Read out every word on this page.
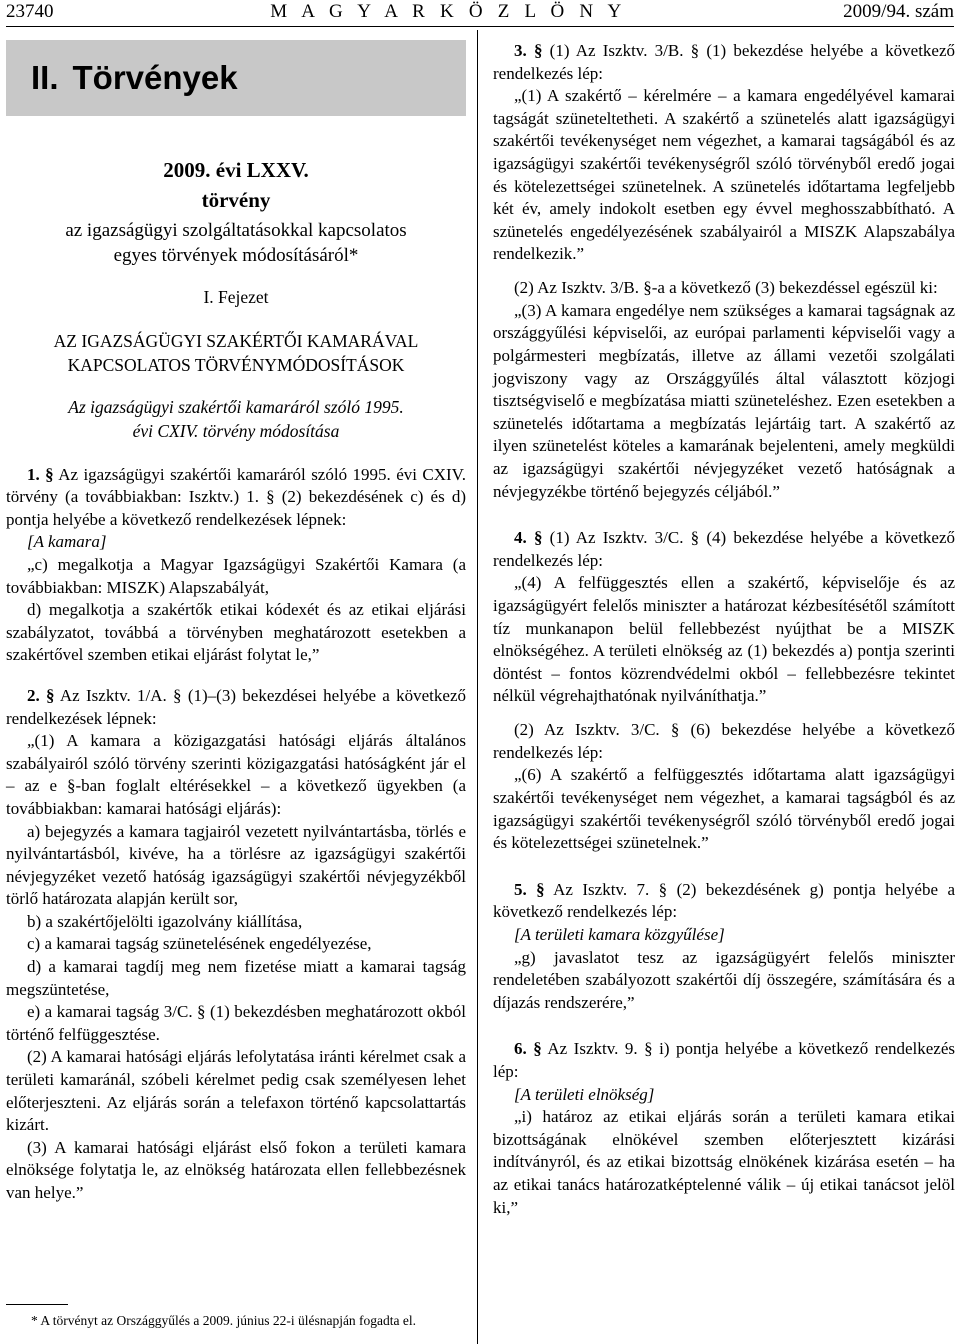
23740	M A G Y A R K Ö Z L Ö N Y	2009/94. szám
II. Törvények

2009. évi LXXV.

törvény

az igazságügyi szolgáltatásokkal kapcsolatos egyes törvények módosításáról*

I. Fejezet

AZ IGAZSÁGÜGYI SZAKÉRTŐI KAMARÁVAL KAPCSOLATOS TÖRVÉNYMÓDOSÍTÁSOK

Az igazságügyi szakértői kamaráról szóló 1995. évi CXIV. törvény módosítása

1. § Az igazságügyi szakértői kamaráról szóló 1995. évi CXIV. törvény (a továbbiakban: Iszktv.) 1. § (2) bekezdésének c) és d) pontja helyébe a következő rendelkezések lépnek:

[A kamara]

„c) megalkotja a Magyar Igazságügyi Szakértői Kamara (a továbbiakban: MISZK) Alapszabályát,

d) megalkotja a szakértők etikai kódexét és az etikai eljárási szabályzatot, továbbá a törvényben meghatározott esetekben a szakértővel szemben etikai eljárást folytat le,”

2. § Az Iszktv. 1/A. § (1)–(3) bekezdései helyébe a következő rendelkezések lépnek:

„(1) A kamara a közigazgatási hatósági eljárás általános szabályairól szóló törvény szerinti közigazgatási hatóságként jár el – az e §-ban foglalt eltérésekkel – a következő ügyekben (a továbbiakban: kamarai hatósági eljárás):

a) bejegyzés a kamara tagjairól vezetett nyilvántartásba, törlés e nyilvántartásból, kivéve, ha a törlésre az igazságügyi szakértői névjegyzéket vezető hatóság igazságügyi szakértői névjegyzékből törlő határozata alapján került sor,

b) a szakértőjelölti igazolvány kiállítása,

c) a kamarai tagság szünetelésének engedélyezése,

d) a kamarai tagdíj meg nem fizetése miatt a kamarai tagság megszüntetése,

e) a kamarai tagság 3/C. § (1) bekezdésben meghatározott okból történő felfüggesztése.

(2) A kamarai hatósági eljárás lefolytatása iránti kérelmet csak a területi kamaránál, szóbeli kérelmet pedig csak személyesen lehet előterjeszteni. Az eljárás során a telefaxon történő kapcsolattartás kizárt.

(3) A kamarai hatósági eljárást első fokon a területi kamara elnöksége folytatja le, az elnökség határozata ellen fellebbezésnek van helye.”

* A törvényt az Országgyűlés a 2009. június 22-i ülésnapján fogadta el.

3. § (1) Az Iszktv. 3/B. § (1) bekezdése helyébe a következő rendelkezés lép:

„(1) A szakértő – kérelmére – a kamara engedélyével kamarai tagságát szüneteltetheti. A szakértő a szünetelés alatt igazságügyi szakértői tevékenységet nem végezhet, a kamarai tagságából és az igazságügyi szakértői tevékenységről szóló törvényből eredő jogai és kötelezettségei szünetelnek. A szünetelés időtartama legfeljebb két év, amely indokolt esetben egy évvel meghosszabbítható. A szünetelés engedélyezésének szabályairól a MISZK Alapszabálya rendelkezik.”

(2) Az Iszktv. 3/B. §-a a következő (3) bekezdéssel egészül ki:

„(3) A kamara engedélye nem szükséges a kamarai tagságnak az országgyűlési képviselői, az európai parlamenti képviselői vagy a polgármesteri megbízatás, illetve az állami vezetői szolgálati jogviszony vagy az Országgyűlés által választott közjogi tisztségviselő e megbízatása miatti szüneteléshez. Ezen esetekben a szünetelés időtartama a megbízatás lejártáig tart. A szakértő az ilyen szünetelést köteles a kamarának bejelenteni, amely megküldi az igazságügyi szakértői névjegyzéket vezető hatóságnak a névjegyzékbe történő bejegyzés céljából.”

4. § (1) Az Iszktv. 3/C. § (4) bekezdése helyébe a következő rendelkezés lép:

„(4) A felfüggesztés ellen a szakértő, képviselője és az igazságügyért felelős miniszter a határozat kézbesítésétől számított tíz munkanapon belül fellebbezést nyújthat be a MISZK elnökségéhez. A területi elnökség az (1) bekezdés a) pontja szerinti döntést – fontos közrendvédelmi okból – fellebbezésre tekintet nélkül végrehajthatónak nyilváníthatja.”

(2) Az Iszktv. 3/C. § (6) bekezdése helyébe a következő rendelkezés lép:

„(6) A szakértő a felfüggesztés időtartama alatt igazságügyi szakértői tevékenységet nem végezhet, a kamarai tagságból és az igazságügyi szakértői tevékenységről szóló törvényből eredő jogai és kötelezettségei szünetelnek.”

5. § Az Iszktv. 7. § (2) bekezdésének g) pontja helyébe a következő rendelkezés lép:

[A területi kamara közgyűlése]

„g) javaslatot tesz az igazságügyért felelős miniszter rendeletében szabályozott szakértői díj összegére, számítására és a díjazás rendszerére,”

6. § Az Iszktv. 9. § i) pontja helyébe a következő rendelkezés lép:

[A területi elnökség]

„i) határoz az etikai eljárás során a területi kamara etikai bizottságának elnökével szemben előterjesztett kizárási indítványról, és az etikai bizottság elnökének kizárása esetén – ha az etikai tanács határozatképtelenné válik – új etikai tanácsot jelöl ki,”
